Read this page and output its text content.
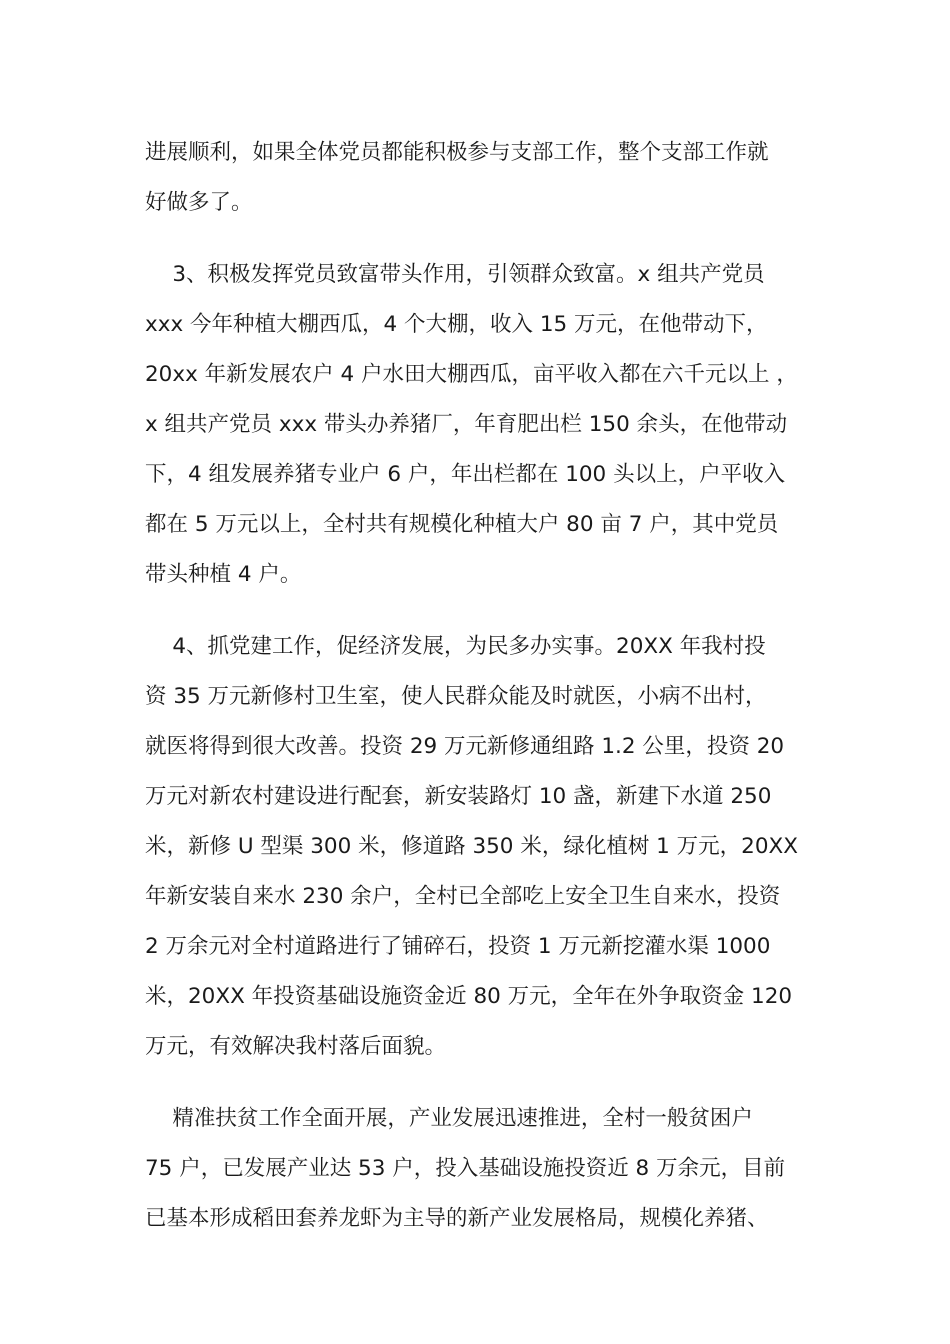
进展顺利，如果全体党员都能积极参与支部工作，整个支部工作就
好做多了。
3、积极发挥党员致富带头作用，引领群众致富。x 组共产党员
xxx 今年种植大棚西瓜，4 个大棚，收入 15 万元，在他带动下，
20xx 年新发展农户 4 户水田大棚西瓜，亩平收入都在六千元以上 ，
x 组共产党员 xxx 带头办养猪厂，年育肥出栏 150 余头，在他带动
下，4 组发展养猪专业户 6 户，年出栏都在 100 头以上，户平收入
都在 5 万元以上，全村共有规模化种植大户 80 亩 7 户，其中党员
带头种植 4 户。
4、抓党建工作，促经济发展，为民多办实事。20XX 年我村投
资 35 万元新修村卫生室，使人民群众能及时就医，小病不出村，
就医将得到很大改善。投资 29 万元新修通组路 1.2 公里，投资 20
万元对新农村建设进行配套，新安装路灯 10 盏，新建下水道 250
米，新修 U 型渠 300 米，修道路 350 米，绿化植树 1 万元，20XX
年新安装自来水 230 余户，全村已全部吃上安全卫生自来水，投资
2 万余元对全村道路进行了铺碎石，投资 1 万元新挖灌水渠 1000
米，20XX 年投资基础设施资金近 80 万元，全年在外争取资金 120
万元，有效解决我村落后面貌。
精准扶贫工作全面开展，产业发展迅速推进，全村一般贫困户
75 户，已发展产业达 53 户，投入基础设施投资近 8 万余元，目前
已基本形成稻田套养龙虾为主导的新产业发展格局，规模化养猪、
